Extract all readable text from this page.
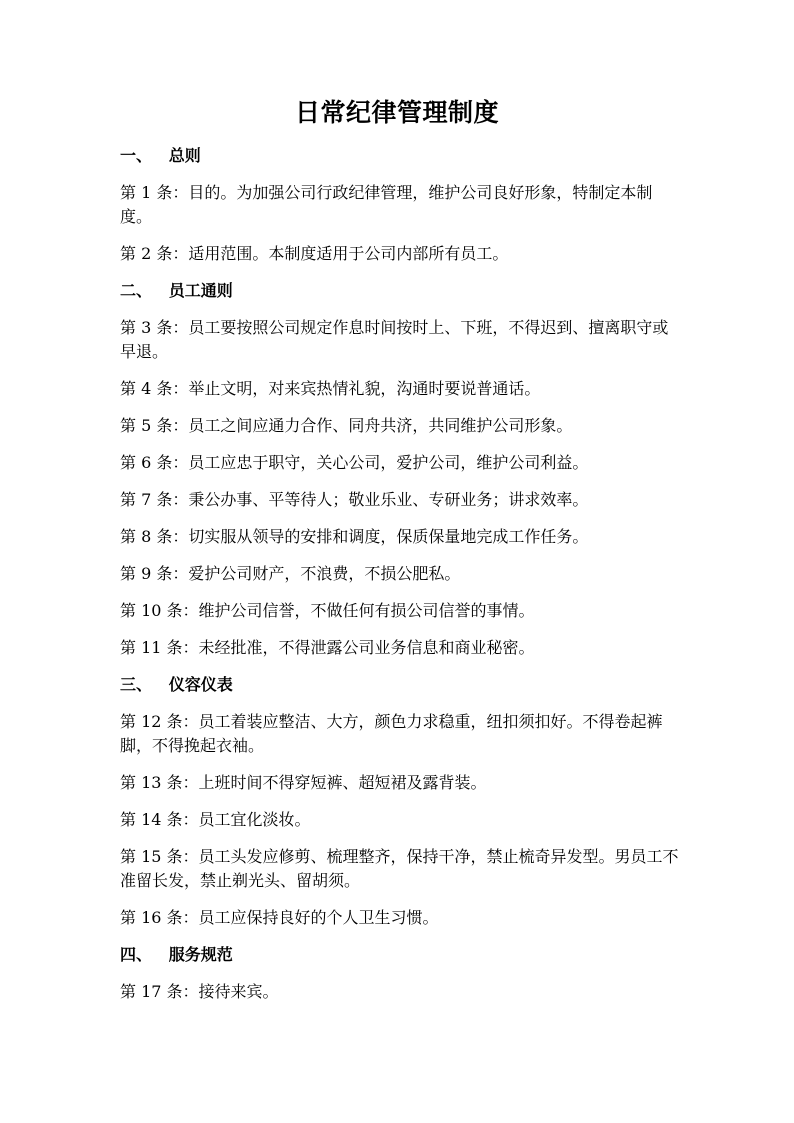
日常纪律管理制度
一、   总则

第 1 条：目的。为加强公司行政纪律管理，维护公司良好形象，特制定本制度。

第 2 条：适用范围。本制度适用于公司内部所有员工。

二、   员工通则

第 3 条：员工要按照公司规定作息时间按时上、下班，不得迟到、擅离职守或早退。

第 4 条：举止文明，对来宾热情礼貌，沟通时要说普通话。

第 5 条：员工之间应通力合作、同舟共济，共同维护公司形象。

第 6 条：员工应忠于职守，关心公司，爱护公司，维护公司利益。

第 7 条：秉公办事、平等待人；敬业乐业、专研业务；讲求效率。

第 8 条：切实服从领导的安排和调度，保质保量地完成工作任务。

第 9 条：爱护公司财产，不浪费，不损公肥私。

第 10 条：维护公司信誉，不做任何有损公司信誉的事情。

第 11 条：未经批准，不得泄露公司业务信息和商业秘密。

三、   仪容仪表

第 12 条：员工着装应整洁、大方，颜色力求稳重，纽扣须扣好。不得卷起裤脚，不得挽起衣袖。

第 13 条：上班时间不得穿短裤、超短裙及露背装。

第 14 条：员工宜化淡妆。

第 15 条：员工头发应修剪、梳理整齐，保持干净，禁止梳奇异发型。男员工不准留长发，禁止剃光头、留胡须。

第 16 条：员工应保持良好的个人卫生习惯。

四、   服务规范

第 17 条：接待来宾。
